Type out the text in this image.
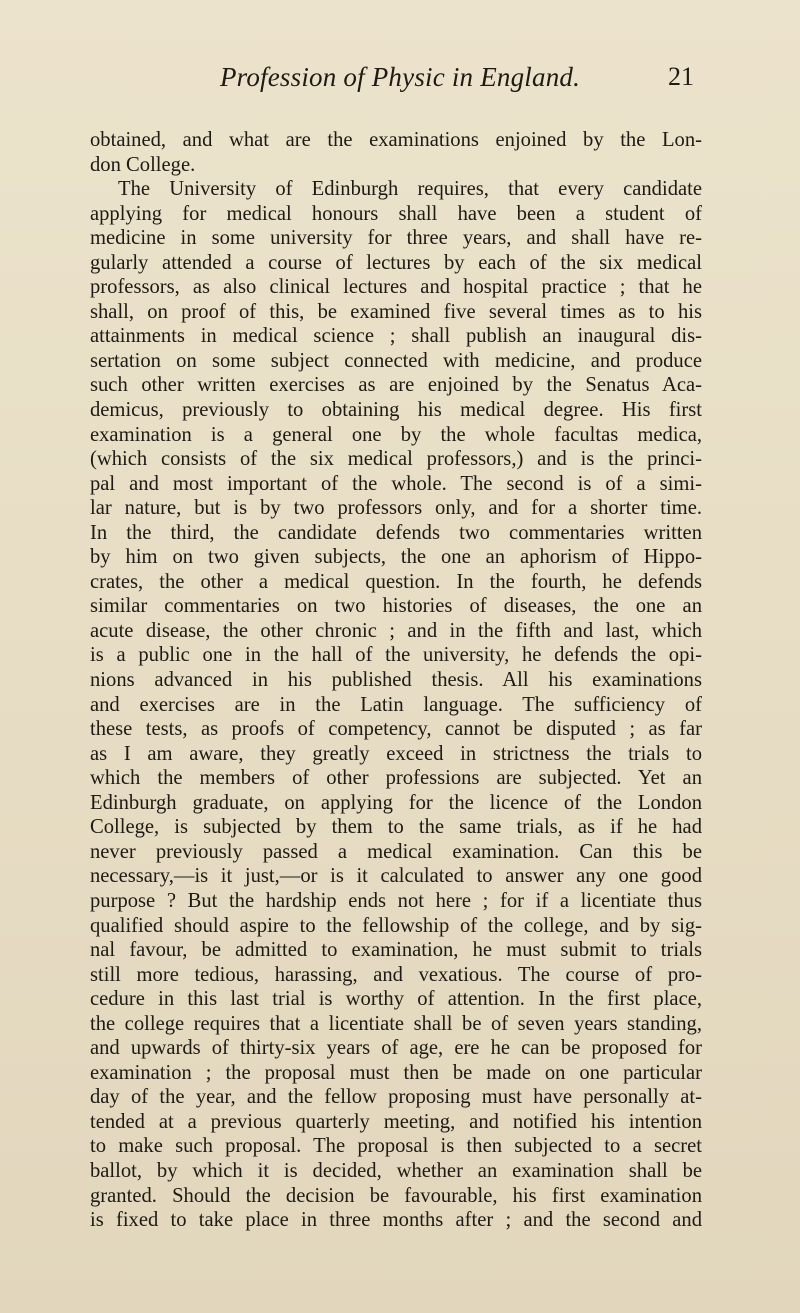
Profession of Physic in England.	21
obtained, and what are the examinations enjoined by the Lon-
don College.
The University of Edinburgh requires, that every candidate
applying for medical honours shall have been a student of
medicine in some university for three years, and shall have re-
gularly attended a course of lectures by each of the six medical
professors, as also clinical lectures and hospital practice ; that he
shall, on proof of this, be examined five several times as to his
attainments in medical science ; shall publish an inaugural dis-
sertation on some subject connected with medicine, and produce
such other written exercises as are enjoined by the Senatus Aca-
demicus, previously to obtaining his medical degree. His first
examination is a general one by the whole facultas medica,
(which consists of the six medical professors,) and is the princi-
pal and most important of the whole. The second is of a simi-
lar nature, but is by two professors only, and for a shorter time.
In the third, the candidate defends two commentaries written
by him on two given subjects, the one an aphorism of Hippo-
crates, the other a medical question. In the fourth, he defends
similar commentaries on two histories of diseases, the one an
acute disease, the other chronic ; and in the fifth and last, which
is a public one in the hall of the university, he defends the opi-
nions advanced in his published thesis. All his examinations
and exercises are in the Latin language. The sufficiency of
these tests, as proofs of competency, cannot be disputed ; as far
as I am aware, they greatly exceed in strictness the trials to
which the members of other professions are subjected. Yet an
Edinburgh graduate, on applying for the licence of the London
College, is subjected by them to the same trials, as if he had
never previously passed a medical examination. Can this be
necessary,—is it just,—or is it calculated to answer any one good
purpose ? But the hardship ends not here ; for if a licentiate thus
qualified should aspire to the fellowship of the college, and by sig-
nal favour, be admitted to examination, he must submit to trials
still more tedious, harassing, and vexatious. The course of pro-
cedure in this last trial is worthy of attention. In the first place,
the college requires that a licentiate shall be of seven years standing,
and upwards of thirty-six years of age, ere he can be proposed for
examination ; the proposal must then be made on one particular
day of the year, and the fellow proposing must have personally at-
tended at a previous quarterly meeting, and notified his intention
to make such proposal. The proposal is then subjected to a secret
ballot, by which it is decided, whether an examination shall be
granted. Should the decision be favourable, his first examination
is fixed to take place in three months after ; and the second and
